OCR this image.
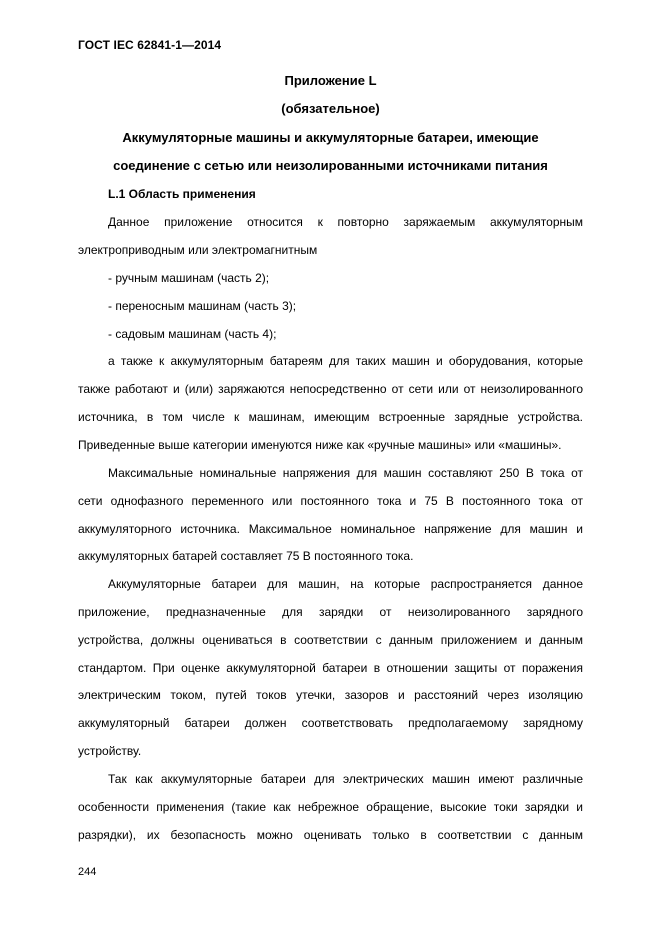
ГОСТ IEC 62841-1—2014
Приложение L
(обязательное)
Аккумуляторные машины и аккумуляторные батареи, имеющие
соединение с сетью или неизолированными источниками питания
L.1 Область применения
Данное приложение относится к повторно заряжаемым аккумуляторным
электроприводным или электромагнитным
- ручным машинам (часть 2);
- переносным машинам (часть 3);
- садовым машинам (часть 4);
а также к аккумуляторным батареям для таких машин и оборудования, которые
также работают и (или) заряжаются непосредственно от сети или от неизолированного
источника, в том числе к машинам, имеющим встроенные зарядные устройства.
Приведенные выше категории именуются ниже как «ручные машины» или «машины».
Максимальные номинальные напряжения для машин составляют 250 В тока от
сети однофазного переменного или постоянного тока и 75 В постоянного тока от
аккумуляторного источника. Максимальное номинальное напряжение для машин и
аккумуляторных батарей составляет 75 В постоянного тока.
Аккумуляторные батареи для машин, на которые распространяется данное
приложение, предназначенные для зарядки от неизолированного зарядного
устройства, должны оцениваться в соответствии с данным приложением и данным
стандартом. При оценке аккумуляторной батареи в отношении защиты от поражения
электрическим током, путей токов утечки, зазоров и расстояний через изоляцию
аккумуляторный батареи должен соответствовать предполагаемому зарядному
устройству.
Так как аккумуляторные батареи для электрических машин имеют различные
особенности применения (такие как небрежное обращение, высокие токи зарядки и
разрядки), их безопасность можно оценивать только в соответствии с данным
244
